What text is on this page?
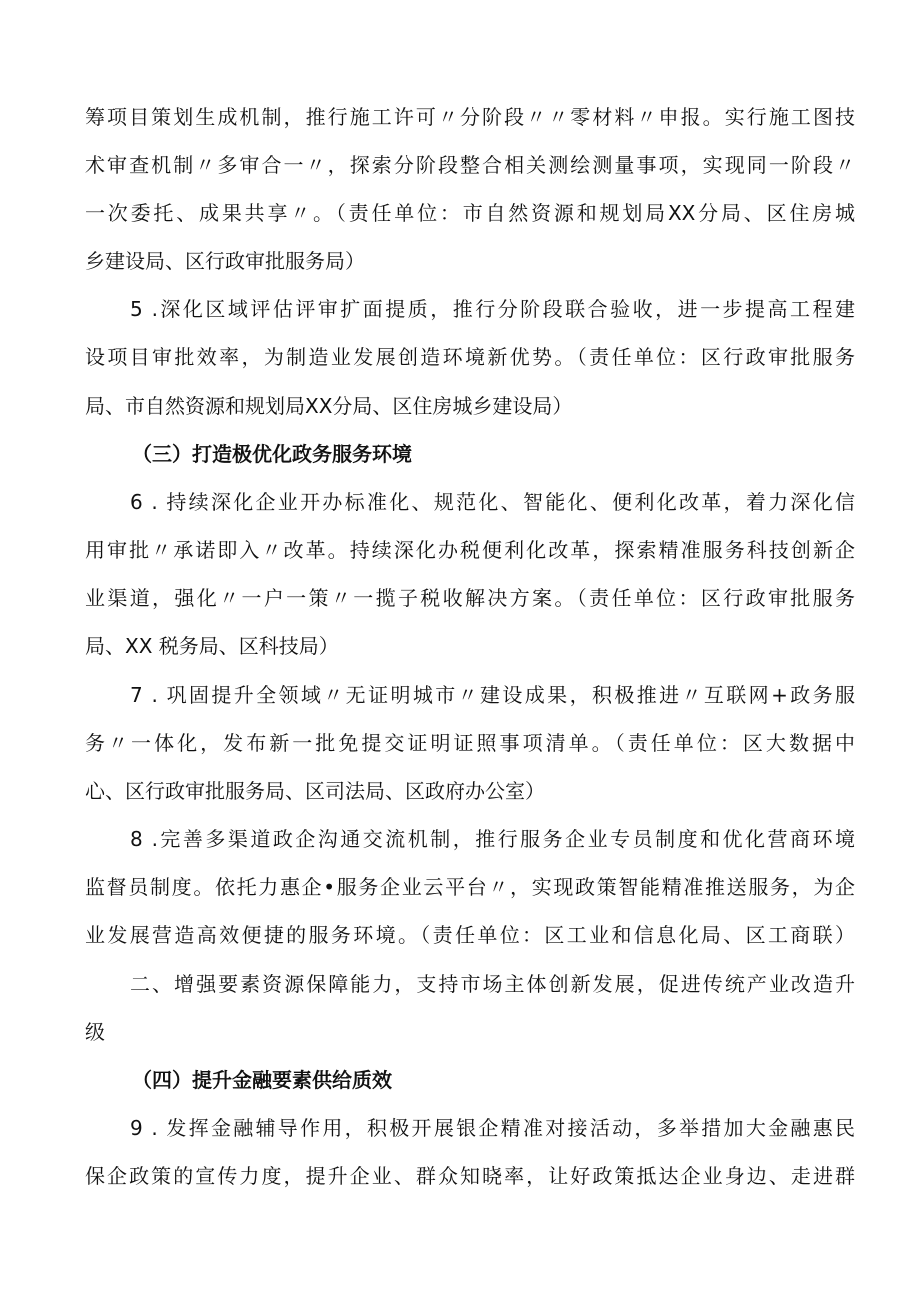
筹项目策划生成机制，推行施工许可〃分阶段〃〃零材料〃申报。实行施工图技
术审查机制〃多审合一〃，探索分阶段整合相关测绘测量事项，实现同一阶段〃
一次委托、成果共享〃。（责任单位：市自然资源和规划局XX分局、区住房城
乡建设局、区行政审批服务局）
5 .深化区域评估评审扩面提质，推行分阶段联合验收，进一步提高工程建
设项目审批效率，为制造业发展创造环境新优势。（责任单位：区行政审批服务
局、市自然资源和规划局XX分局、区住房城乡建设局）
（三）打造极优化政务服务环境
6 . 持续深化企业开办标准化、规范化、智能化、便利化改革，着力深化信
用审批〃承诺即入〃改革。持续深化办税便利化改革，探索精准服务科技创新企
业渠道，强化〃一户一策〃一揽子税收解决方案。（责任单位：区行政审批服务
局、XX 税务局、区科技局）
7 . 巩固提升全领域〃无证明城市〃建设成果，积极推进〃互联网+政务服
务〃一体化，发布新一批免提交证明证照事项清单。（责任单位：区大数据中
心、区行政审批服务局、区司法局、区政府办公室）
8 .完善多渠道政企沟通交流机制，推行服务企业专员制度和优化营商环境
监督员制度。依托力惠企•服务企业云平台〃，实现政策智能精准推送服务，为企
业发展营造高效便捷的服务环境。（责任单位：区工业和信息化局、区工商联）
二、增强要素资源保障能力，支持市场主体创新发展，促进传统产业改造升
级
（四）提升金融要素供给质效
9 . 发挥金融辅导作用，积极开展银企精准对接活动，多举措加大金融惠民
保企政策的宣传力度，提升企业、群众知晓率，让好政策抵达企业身边、走进群
